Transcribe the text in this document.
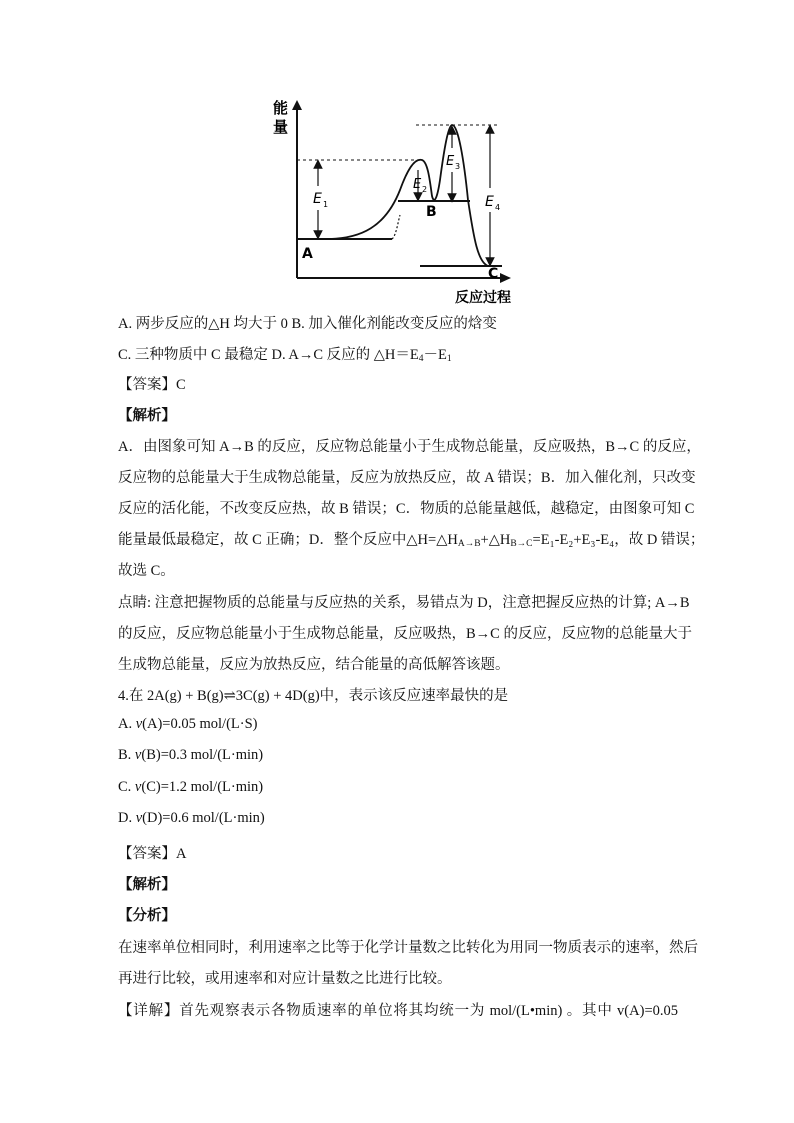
能
量
反应过程
E 1
E 2
E 3
E 4
A
B
C
A. 两步反应的△H 均大于 0 B. 加入催化剂能改变反应的焓变
C. 三种物质中 C 最稳定 D. A→C 反应的 $\triangle H=E_4-E_1$
【答案】C
【解析】
A．由图象可知 A→B 的反应，反应物总能量小于生成物总能量，反应吸热，B→C 的反应，
反应物的总能量大于生成物总能量，反应为放热反应，故 A 错误；B．加入催化剂，只改变
反应的活化能，不改变反应热，故 B 错误；C．物质的总能量越低，越稳定，由图象可知 C
能量最低最稳定，故 C 正确；D．整个反应中$\triangle H=\triangle H_{A\to B}+\triangle H_{B\to C}=E_1-E_2+E_3-E_4$，故 D 错误；
故选 C。
点睛: 注意把握物质的总能量与反应热的关系，易错点为 D，注意把握反应热的计算; A→B
的反应，反应物总能量小于生成物总能量，反应吸热，B→C 的反应，反应物的总能量大于
生成物总能量，反应为放热反应，结合能量的高低解答该题。
4.在 2A(g) + B(g)⇌3C(g) + 4D(g)中，表示该反应速率最快的是
A. v(A)=0.05 mol/(L·S)
B. v(B)=0.3 mol/(L·min)
C. v(C)=1.2 mol/(L·min)
D. v(D)=0.6 mol/(L·min)
【答案】A
【解析】
【分析】
在速率单位相同时，利用速率之比等于化学计量数之比转化为用同一物质表示的速率，然后
再进行比较，或用速率和对应计量数之比进行比较。
【详解】首先观察表示各物质速率的单位将其均统一为 mol/(L•min) 。其中 v(A)=0.05
